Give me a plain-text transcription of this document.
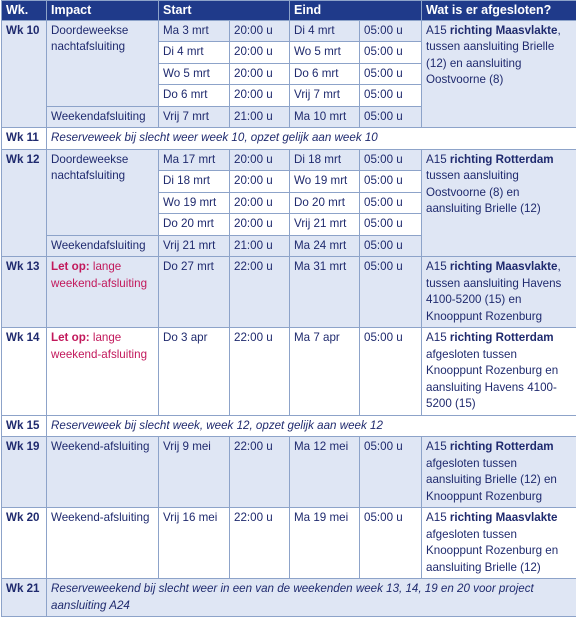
Wk.	Impact	Start		Eind		Wat is er afgesloten?
Wk 10	Doordeweekse nachtafsluiting	Ma 3 mrt	20:00 u	Di 4 mrt	05:00 u	A15 richting Maasvlakte, tussen aansluiting Brielle (12) en aansluiting Oostvoorne (8)
		Di 4 mrt	20:00 u	Wo 5 mrt	05:00 u	
		Wo 5 mrt	20:00 u	Do 6 mrt	05:00 u	
		Do 6 mrt	20:00 u	Vrij 7 mrt	05:00 u	
	Weekendafsluiting	Vrij 7 mrt	21:00 u	Ma 10 mrt	05:00 u	
Wk 11	Reserveweek bij slecht weer week 10, opzet gelijk aan week 10					
Wk 12	Doordeweekse nachtafsluiting	Ma 17 mrt	20:00 u	Di 18 mrt	05:00 u	A15 richting Rotterdam tussen aansluiting Oostvoorne (8) en aansluiting Brielle (12)
		Di 18 mrt	20:00 u	Wo 19 mrt	05:00 u	
		Wo 19 mrt	20:00 u	Do 20 mrt	05:00 u	
		Do 20 mrt	20:00 u	Vrij 21 mrt	05:00 u	
	Weekendafsluiting	Vrij 21 mrt	21:00 u	Ma 24 mrt	05:00 u	
Wk 13	Let op: lange weekend-afsluiting	Do 27 mrt	22:00 u	Ma 31 mrt	05:00 u	A15 richting Maasvlakte, tussen aansluiting Havens 4100-5200 (15) en Knooppunt Rozenburg
Wk 14	Let op: lange weekend-afsluiting	Do 3 apr	22:00 u	Ma 7 apr	05:00 u	A15 richting Rotterdam afgesloten tussen Knooppunt Rozenburg en aansluiting Havens 4100-5200 (15)
Wk 15	Reserveweek bij slecht week, week 12, opzet gelijk aan week 12					
Wk 19	Weekend-afsluiting	Vrij 9 mei	22:00 u	Ma 12 mei	05:00 u	A15 richting Rotterdam afgesloten tussen aansluiting Brielle (12) en Knooppunt Rozenburg
Wk 20	Weekend-afsluiting	Vrij 16 mei	22:00 u	Ma 19 mei	05:00 u	A15 richting Maasvlakte afgesloten tussen Knooppunt Rozenburg en aansluiting Brielle (12)
Wk 21	Reserveweekend bij slecht weer in een van de weekenden week 13, 14, 19 en 20 voor project aansluiting A24					
